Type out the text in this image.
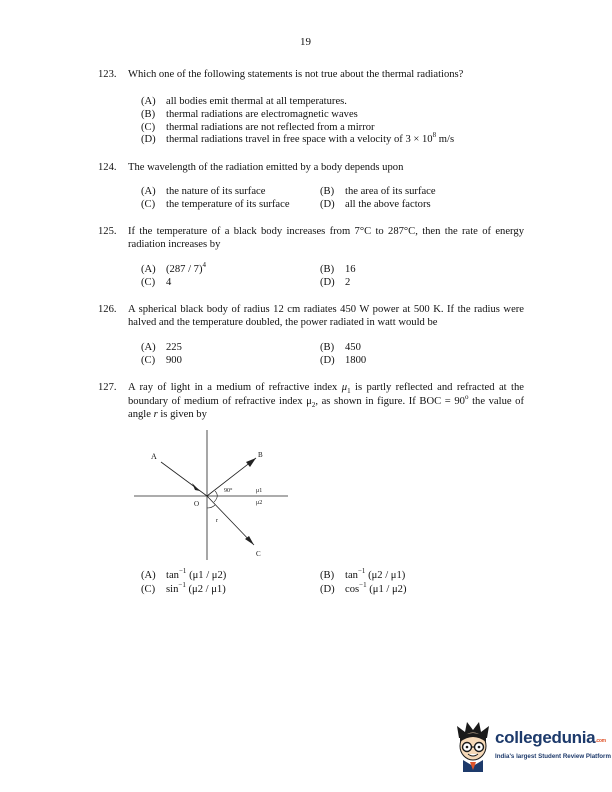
19
123. Which one of the following statements is not true about the thermal radiations?
(A) all bodies emit thermal at all temperatures.
(B) thermal radiations are electromagnetic waves
(C) thermal radiations are not reflected from a mirror
(D) thermal radiations travel in free space with a velocity of $3 \times 10^8$ m/s
124. The wavelength of the radiation emitted by a body depends upon
(A) the nature of its surface	(B) the area of its surface
(C) the temperature of its surface	(D) all the above factors
125. If the temperature of a black body increases from 7°C to 287°C, then the rate of energy radiation increases by
(A) (287 / 7)$^4$	(B) 16
(C) 4	(D) 2
126. A spherical black body of radius 12 cm radiates 450 W power at 500 K. If the radius were halved and the temperature doubled, the power radiated in watt would be
(A) 225	(B) 450
(C) 900	(D) 1800
127. A ray of light in a medium of refractive index $\mu_1$ is partly reflected and refracted at the boundary of medium of refractive index $\mu_2$, as shown in figure. If BOC = $90^o$ the value of angle r is given by
A	B
C
O
r
90°	μ1
μ2
(A) $\tan^{-1} (\mu 1 / \mu 2)$	(B) $\tan^{-1} (\mu 2 / \mu 1)$
(C) $\sin^{-1} (\mu 2 / \mu 1)$	(D) $\cos^{-1} (\mu 1 / \mu 2)$
collegedunia.com
India's largest Student Review Platform
